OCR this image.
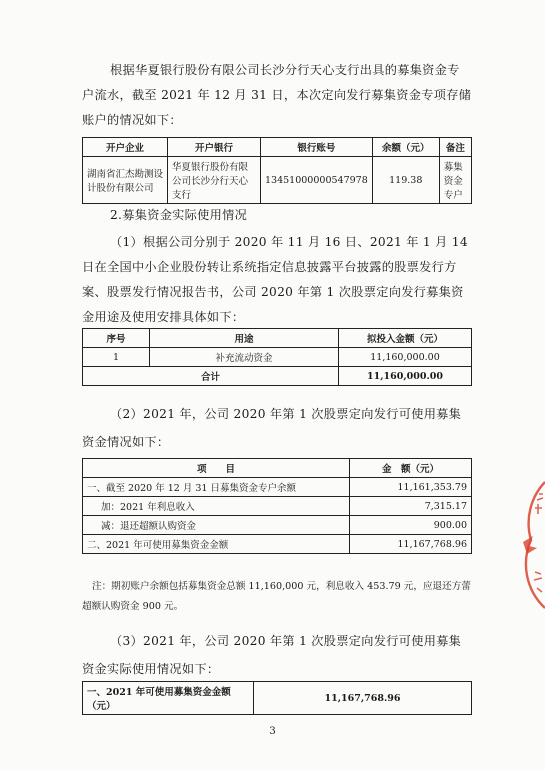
根据华夏银行股份有限公司长沙分行天心支行出具的募集资金专户流水，截至 2021 年 12 月 31 日，本次定向发行募集资金专项存储账户的情况如下：
开户企业	开户银行	银行账号	余额（元）	备注
湖南省汇杰勘测设计股份有限公司	华夏银行股份有限公司长沙分行天心支行	13451000000547978	119.38	募集资金专户
2.募集资金实际使用情况
（1）根据公司分别于 2020 年 11 月 16 日、2021 年 1 月 14 日在全国中小企业股份转让系统指定信息披露平台披露的股票发行方案、股票发行情况报告书，公司 2020 年第 1 次股票定向发行募集资金用途及使用安排具体如下：
序号	用途	拟投入金额（元）
1	补充流动资金	11,160,000.00
合计		11,160,000.00
（2）2021 年，公司 2020 年第 1 次股票定向发行可使用募集资金情况如下：
项　　目	金　额（元）
一、截至 2020 年 12 月 31 日募集资金专户余额	11,161,353.79
加：2021 年利息收入	7,315.17
减：退还超额认购资金	900.00
二、2021 年可使用募集资金金额	11,167,768.96
注：期初账户余额包括募集资金总额 11,160,000 元，利息收入 453.79 元，应退还方蕾超额认购资金 900 元。
（3）2021 年，公司 2020 年第 1 次股票定向发行可使用募集资金实际使用情况如下：
一、2021 年可使用募集资金金额（元）	11,167,768.96
3
